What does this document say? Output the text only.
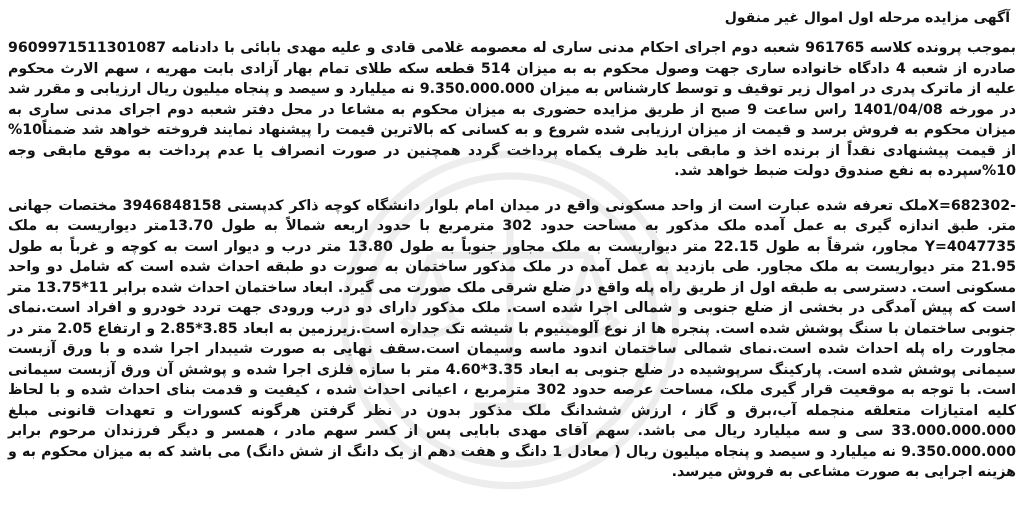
آگهی مزایده مرحله اول اموال غیر منقول

بموجب پرونده کلاسه 961765 شعبه دوم اجرای احکام مدنی ساری له معصومه غلامی قادی و علیه مهدی بابائی با دادنامه 9609971511301087 صادره از شعبه 4 دادگاه خانواده ساری جهت وصول محکوم به به میزان 514 قطعه سکه طلای تمام بهار آزادی بابت مهریه ، سهم الارث محکوم علیه از ماترک پدری در اموال زیر توقیف و توسط کارشناس به میزان 9.350.000.000 نه میلیارد و سیصد و پنجاه میلیون ریال ارزیابی و مقرر شد در مورخه 1401/04/08 راس ساعت 9 صبح از طریق مزایده حضوری به میزان محکوم به مشاعا در محل دفتر شعبه دوم اجرای مدنی ساری به میزان محکوم به فروش برسد و قیمت از میزان ارزیابی شده شروع و به کسانی که بالاترین قیمت را پیشنهاد نمایند فروخته خواهد شد ضمناً10% از قیمت پیشنهادی نقداً از برنده اخذ و مابقی باید ظرف یکماه پرداخت گردد همچنین در صورت انصراف یا عدم پرداخت به موقع مابقی وجه 10%سپرده به نفع صندوق دولت ضبط خواهد شد.

-682302=Xملک تعرفه شده عبارت است از واحد مسکونی واقع در میدان امام بلوار دانشگاه کوچه ذاکر کدپستی 3946848158 مختصات جهانی متر. طبق اندازه گیری به عمل آمده ملک مذکور به مساحت حدود 302 مترمربع با حدود اربعه شمالاً به طول 13.70متر دیواریست به ملک Y=4047735 مجاور، شرقاً به طول 22.15 متر دیواریست به ملک مجاور جنوباً به طول 13.80 متر درب و دیوار است به کوچه و غرباً به طول 21.95 متر دیواریست به ملک مجاور. طی بازدید به عمل آمده در ملک مذکور ساختمان به صورت دو طبقه احداث شده است که شامل دو واحد مسکونی است. دسترسی به طبقه اول از طریق راه پله واقع در ضلع شرقی ملک صورت می گیرد. ابعاد ساختمان احداث شده برابر 11*13.75 متر است که پیش آمدگی در بخشی از ضلع جنوبی و شمالی اجرا شده است. ملک مذکور دارای دو درب ورودی جهت تردد خودرو و افراد است.نمای جنوبی ساختمان با سنگ پوشش شده است. پنجره ها از نوع آلومینیوم با شیشه تک جداره است.زیرزمین به ابعاد 3.85*2.85 و ارتفاع 2.05 متر در مجاورت راه پله احداث شده است.نمای شمالی ساختمان اندود ماسه وسیمان است.سقف نهایی به صورت شیبدار اجرا شده و با ورق آزبست سیمانی پوشش شده است. پارکینگ سرپوشیده در ضلع جنوبی به ابعاد 3.35*4.60 متر با سازه فلزی اجرا شده و پوشش آن ورق آزبست سیمانی است. با توجه به موقعیت قرار گیری ملک، مساحت عرصه حدود 302 مترمربع ، اعیانی احداث شده ، کیفیت و قدمت بنای احداث شده و با لحاظ کلیه امتیازات متعلقه منجمله آب،برق و گاز ، ارزش ششدانگ ملک مذکور بدون در نظر گرفتن هرگونه کسورات و تعهدات قانونی مبلغ 33.000.000.000 سی و سه میلیارد ریال می باشد. سهم آقای مهدی بابایی پس از کسر سهم مادر ، همسر و دیگر فرزندان مرحوم برابر 9.350.000.000 نه میلیارد و سیصد و پنجاه میلیون ریال ( معادل 1 دانگ و هفت دهم از یک دانگ از شش دانگ) می باشد که به میزان محکوم به و هزینه اجرایی به صورت مشاعی به فروش میرسد.
